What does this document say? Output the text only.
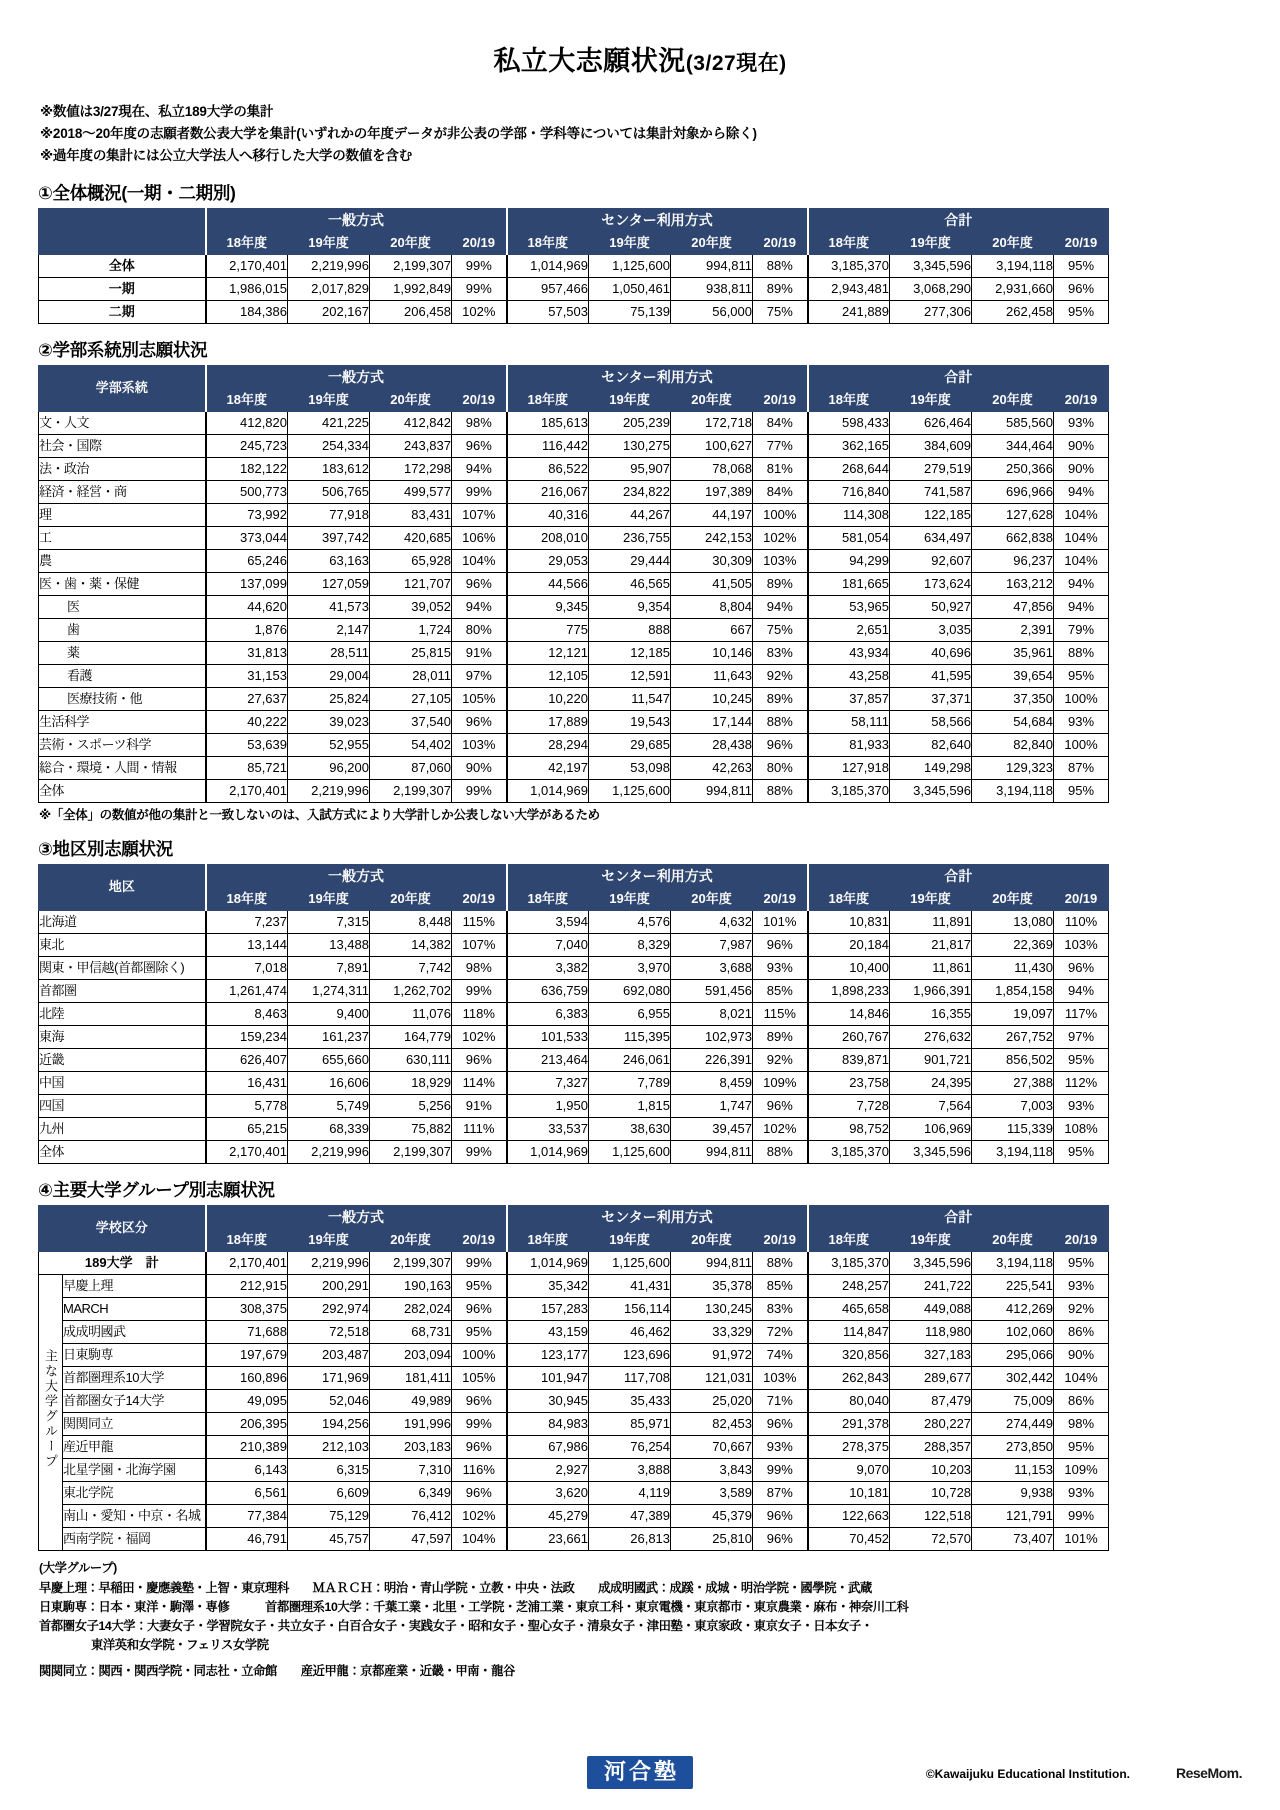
私立大志願状況(3/27現在)
※数値は3/27現在、私立189大学の集計
※2018～20年度の志願者数公表大学を集計(いずれかの年度データが非公表の学部・学科等については集計対象から除く)
※過年度の集計には公立大学法人へ移行した大学の数値を含む
①全体概況(一期・二期別)
	一般方式				センター利用方式				合計			
	18年度	19年度	20年度	20/19	18年度	19年度	20年度	20/19	18年度	19年度	20年度	20/19
全体	2,170,401	2,219,996	2,199,307	99%	1,014,969	1,125,600	994,811	88%	3,185,370	3,345,596	3,194,118	95%
一期	1,986,015	2,017,829	1,992,849	99%	957,466	1,050,461	938,811	89%	2,943,481	3,068,290	2,931,660	96%
二期	184,386	202,167	206,458	102%	57,503	75,139	56,000	75%	241,889	277,306	262,458	95%
②学部系統別志願状況
学部系統	一般方式				センター利用方式				合計			
	18年度	19年度	20年度	20/19	18年度	19年度	20年度	20/19	18年度	19年度	20年度	20/19
文・人文	412,820	421,225	412,842	98%	185,613	205,239	172,718	84%	598,433	626,464	585,560	93%
社会・国際	245,723	254,334	243,837	96%	116,442	130,275	100,627	77%	362,165	384,609	344,464	90%
法・政治	182,122	183,612	172,298	94%	86,522	95,907	78,068	81%	268,644	279,519	250,366	90%
経済・経営・商	500,773	506,765	499,577	99%	216,067	234,822	197,389	84%	716,840	741,587	696,966	94%
理	73,992	77,918	83,431	107%	40,316	44,267	44,197	100%	114,308	122,185	127,628	104%
工	373,044	397,742	420,685	106%	208,010	236,755	242,153	102%	581,054	634,497	662,838	104%
農	65,246	63,163	65,928	104%	29,053	29,444	30,309	103%	94,299	92,607	96,237	104%
医・歯・薬・保健	137,099	127,059	121,707	96%	44,566	46,565	41,505	89%	181,665	173,624	163,212	94%
医	44,620	41,573	39,052	94%	9,345	9,354	8,804	94%	53,965	50,927	47,856	94%
歯	1,876	2,147	1,724	80%	775	888	667	75%	2,651	3,035	2,391	79%
薬	31,813	28,511	25,815	91%	12,121	12,185	10,146	83%	43,934	40,696	35,961	88%
看護	31,153	29,004	28,011	97%	12,105	12,591	11,643	92%	43,258	41,595	39,654	95%
医療技術・他	27,637	25,824	27,105	105%	10,220	11,547	10,245	89%	37,857	37,371	37,350	100%
生活科学	40,222	39,023	37,540	96%	17,889	19,543	17,144	88%	58,111	58,566	54,684	93%
芸術・スポーツ科学	53,639	52,955	54,402	103%	28,294	29,685	28,438	96%	81,933	82,640	82,840	100%
総合・環境・人間・情報	85,721	96,200	87,060	90%	42,197	53,098	42,263	80%	127,918	149,298	129,323	87%
全体	2,170,401	2,219,996	2,199,307	99%	1,014,969	1,125,600	994,811	88%	3,185,370	3,345,596	3,194,118	95%
※「全体」の数値が他の集計と一致しないのは、入試方式により大学計しか公表しない大学があるため
③地区別志願状況
地区	一般方式				センター利用方式				合計			
	18年度	19年度	20年度	20/19	18年度	19年度	20年度	20/19	18年度	19年度	20年度	20/19
北海道	7,237	7,315	8,448	115%	3,594	4,576	4,632	101%	10,831	11,891	13,080	110%
東北	13,144	13,488	14,382	107%	7,040	8,329	7,987	96%	20,184	21,817	22,369	103%
関東・甲信越(首都圏除く)	7,018	7,891	7,742	98%	3,382	3,970	3,688	93%	10,400	11,861	11,430	96%
首都圏	1,261,474	1,274,311	1,262,702	99%	636,759	692,080	591,456	85%	1,898,233	1,966,391	1,854,158	94%
北陸	8,463	9,400	11,076	118%	6,383	6,955	8,021	115%	14,846	16,355	19,097	117%
東海	159,234	161,237	164,779	102%	101,533	115,395	102,973	89%	260,767	276,632	267,752	97%
近畿	626,407	655,660	630,111	96%	213,464	246,061	226,391	92%	839,871	901,721	856,502	95%
中国	16,431	16,606	18,929	114%	7,327	7,789	8,459	109%	23,758	24,395	27,388	112%
四国	5,778	5,749	5,256	91%	1,950	1,815	1,747	96%	7,728	7,564	7,003	93%
九州	65,215	68,339	75,882	111%	33,537	38,630	39,457	102%	98,752	106,969	115,339	108%
全体	2,170,401	2,219,996	2,199,307	99%	1,014,969	1,125,600	994,811	88%	3,185,370	3,345,596	3,194,118	95%
④主要大学グループ別志願状況
学校区分		一般方式				センター利用方式				合計			
		18年度	19年度	20年度	20/19	18年度	19年度	20年度	20/19	18年度	19年度	20年度	20/19
189大学　計		2,170,401	2,219,996	2,199,307	99%	1,014,969	1,125,600	994,811	88%	3,185,370	3,345,596	3,194,118	95%
主な大学グループ	早慶上理	212,915	200,291	190,163	95%	35,342	41,431	35,378	85%	248,257	241,722	225,541	93%
	MARCH	308,375	292,974	282,024	96%	157,283	156,114	130,245	83%	465,658	449,088	412,269	92%
	成成明國武	71,688	72,518	68,731	95%	43,159	46,462	33,329	72%	114,847	118,980	102,060	86%
	日東駒専	197,679	203,487	203,094	100%	123,177	123,696	91,972	74%	320,856	327,183	295,066	90%
	首都圏理系10大学	160,896	171,969	181,411	105%	101,947	117,708	121,031	103%	262,843	289,677	302,442	104%
	首都圏女子14大学	49,095	52,046	49,989	96%	30,945	35,433	25,020	71%	80,040	87,479	75,009	86%
	関関同立	206,395	194,256	191,996	99%	84,983	85,971	82,453	96%	291,378	280,227	274,449	98%
	産近甲龍	210,389	212,103	203,183	96%	67,986	76,254	70,667	93%	278,375	288,357	273,850	95%
	北星学園・北海学園	6,143	6,315	7,310	116%	2,927	3,888	3,843	99%	9,070	10,203	11,153	109%
	東北学院	6,561	6,609	6,349	96%	3,620	4,119	3,589	87%	10,181	10,728	9,938	93%
	南山・愛知・中京・名城	77,384	75,129	76,412	102%	45,279	47,389	45,379	96%	122,663	122,518	121,791	99%
	西南学院・福岡	46,791	45,757	47,597	104%	23,661	26,813	25,810	96%	70,452	72,570	73,407	101%
(大学グループ)
早慶上理：早稲田・慶應義塾・上智・東京理科　　ＭＡＲＣＨ：明治・青山学院・立教・中央・法政　　成成明國武：成蹊・成城・明治学院・國學院・武蔵
日東駒専：日本・東洋・駒澤・専修　　　首都圏理系10大学：千葉工業・北里・工学院・芝浦工業・東京工科・東京電機・東京都市・東京農業・麻布・神奈川工科
首都圏女子14大学：大妻女子・学習院女子・共立女子・白百合女子・実践女子・昭和女子・聖心女子・清泉女子・津田塾・東京家政・東京女子・日本女子・
東洋英和女学院・フェリス女学院
関関同立：関西・関西学院・同志社・立命館　　産近甲龍：京都産業・近畿・甲南・龍谷
河合塾	©Kawaijuku Educational Institution.	ReseMom.
